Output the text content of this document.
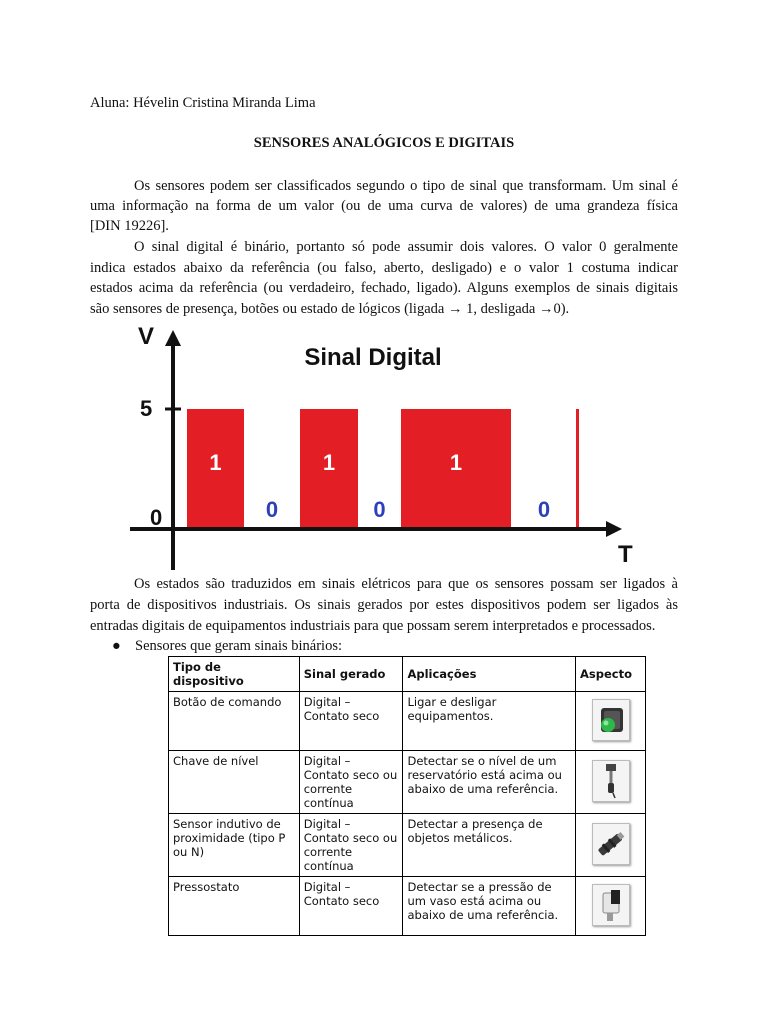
Aluna: Hévelin Cristina Miranda Lima
SENSORES ANALÓGICOS E DIGITAIS
Os sensores podem ser classificados segundo o tipo de sinal que transformam. Um sinal é
uma informação na forma de um valor (ou de uma curva de valores) de uma grandeza física
[DIN 19226].
O sinal digital é binário, portanto só pode assumir dois valores. O valor 0 geralmente
indica estados abaixo da referência (ou falso, aberto, desligado) e o valor 1 costuma indicar
estados acima da referência (ou verdadeiro, fechado, ligado). Alguns exemplos de sinais digitais
são sensores de presença, botões ou estado de lógicos (ligada → 1, desligada →0).
Os estados são traduzidos em sinais elétricos para que os sensores possam ser ligados à
porta de dispositivos industriais. Os sinais gerados por estes dispositivos podem ser ligados às
entradas digitais de equipamentos industriais para que possam serem interpretados e processados.
Sinal Digital
V
T
1
0
1
0
1
0
5
0
● Sensores que geram sinais binários:
Tipo de dispositivo	Sinal gerado	Aplicações	Aspecto
Botão de comando	Digital – Contato seco	Ligar e desligar equipamentos.	
Chave de nível	Digital – Contato seco ou corrente contínua	Detectar se o nível de um reservatório está acima ou abaixo de uma referência.	
Sensor indutivo de proximidade (tipo P ou N)	Digital – Contato seco ou corrente contínua	Detectar a presença de objetos metálicos.	
Pressostato	Digital – Contato seco	Detectar se a pressão de um vaso está acima ou abaixo de uma referência.	
